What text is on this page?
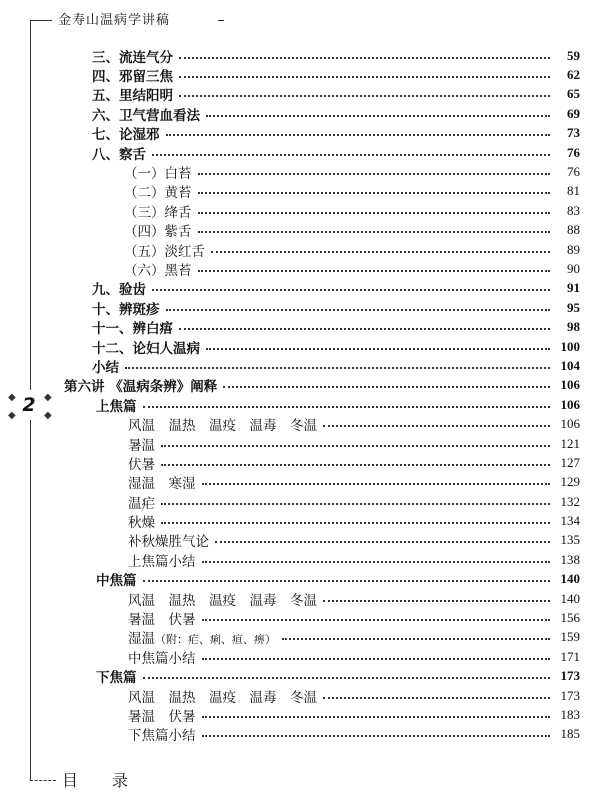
金寿山温病学讲稿
◆	◆
◆	◆
2
三、流连气分	59
四、邪留三焦	62
五、里结阳明	65
六、卫气营血看法	69
七、论湿邪	73
八、察舌	76
（一）白苔	76
（二）黄苔	81
（三）绛舌	83
（四）紫舌	88
（五）淡红舌	89
（六）黑苔	90
九、验齿	91
十、辨斑疹	95
十一、辨白痦	98
十二、论妇人温病	100
小结	104
第六讲 《温病条辨》阐释	106
上焦篇	106
风温　温热　温疫　温毒　冬温	106
暑温	121
伏暑	127
湿温　寒湿	129
温疟	132
秋燥	134
补秋燥胜气论	135
上焦篇小结	138
中焦篇	140
风温　温热　温疫　温毒　冬温	140
暑温　伏暑	156
湿温（附：疟、痢、疸、痹）	159
中焦篇小结	171
下焦篇	173
风温　温热　温疫　温毒　冬温	173
暑温　伏暑	183
下焦篇小结	185
目录
